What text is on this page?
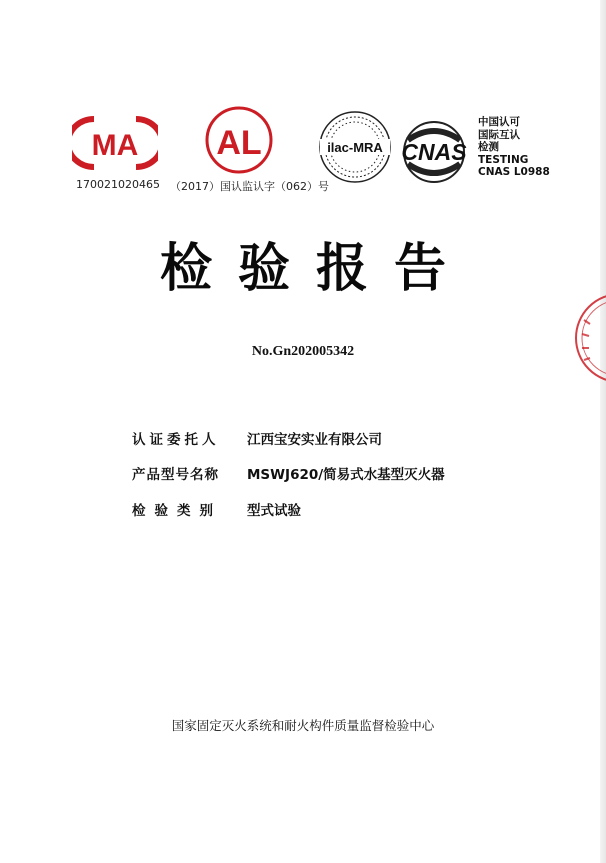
MA
170021020465
AL
（2017）国认监认字（062）号
ilac-MRA CNAS
中国认可
国际互认
检测
TESTING
CNAS L0988
检验报告
No.Gn202005342
认证委托人 江西宝安实业有限公司
产品型号名称 MSWJ620/简易式水基型灭火器
检验类别 型式试验
国家固定灭火系统和耐火构件质量监督检验中心
